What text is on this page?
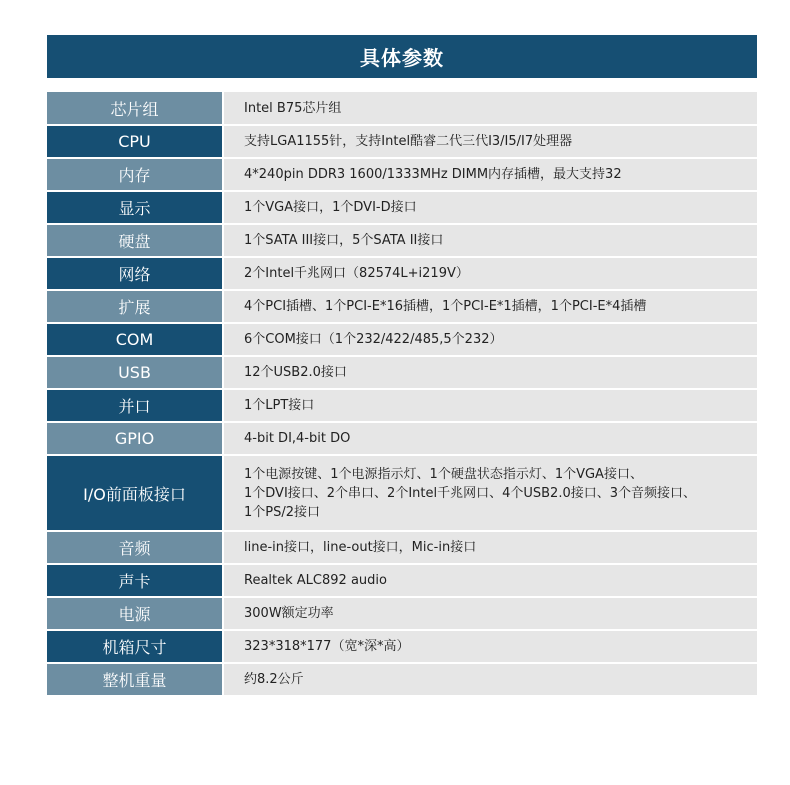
具体参数
芯片组	Intel B75芯片组

CPU	支持LGA1155针，支持Intel酷睿二代三代I3/I5/I7处理器

内存	4*240pin DDR3 1600/1333MHz DIMM内存插槽，最大支持32

显示	1个VGA接口，1个DVI-D接口

硬盘	1个SATA III接口，5个SATA II接口

网络	2个Intel千兆网口（82574L+i219V）

扩展	4个PCI插槽、1个PCI-E*16插槽，1个PCI-E*1插槽，1个PCI-E*4插槽

COM	6个COM接口（1个232/422/485,5个232）

USB	12个USB2.0接口

并口	1个LPT接口

GPIO	4-bit DI,4-bit DO

I/O前面板接口	1个电源按键、1个电源指示灯、1个硬盘状态指示灯、1个VGA接口、
1个DVI接口、2个串口、2个Intel千兆网口、4个USB2.0接口、3个音频接口、
1个PS/2接口

音频	line-in接口，line-out接口，Mic-in接口

声卡	Realtek ALC892 audio

电源	300W额定功率

机箱尺寸	323*318*177（宽*深*高）

整机重量	约8.2公斤
